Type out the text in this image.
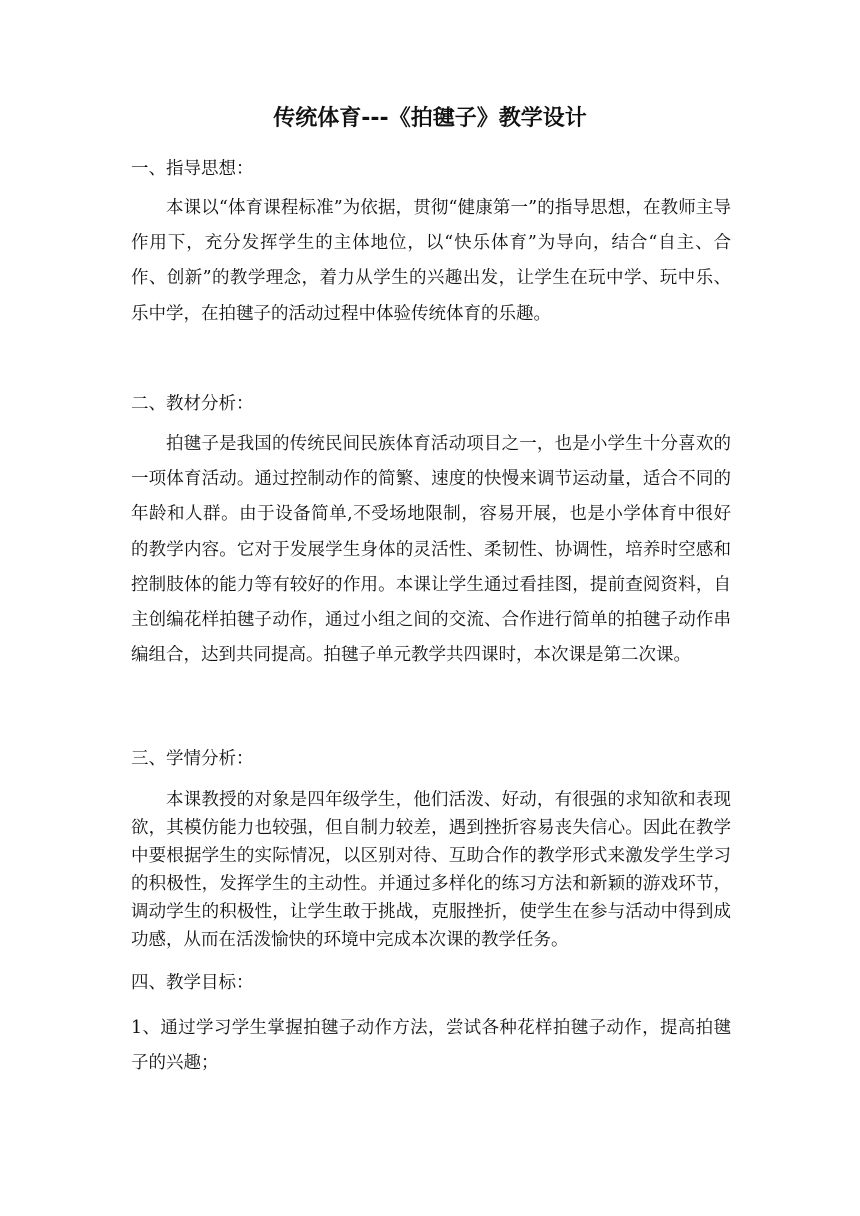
传统体育---《拍毽子》教学设计
一、指导思想：

本课以“体育课程标准”为依据，贯彻“健康第一”的指导思想，在教师主导作用下，充分发挥学生的主体地位，以“快乐体育”为导向，结合“自主、合作、创新”的教学理念，着力从学生的兴趣出发，让学生在玩中学、玩中乐、乐中学，在拍毽子的活动过程中体验传统体育的乐趣。

二、教材分析：

拍毽子是我国的传统民间民族体育活动项目之一，也是小学生十分喜欢的一项体育活动。通过控制动作的简繁、速度的快慢来调节运动量，适合不同的年龄和人群。由于设备简单,不受场地限制，容易开展，也是小学体育中很好的教学内容。它对于发展学生身体的灵活性、柔韧性、协调性，培养时空感和控制肢体的能力等有较好的作用。本课让学生通过看挂图，提前查阅资料，自主创编花样拍毽子动作，通过小组之间的交流、合作进行简单的拍毽子动作串编组合，达到共同提高。拍毽子单元教学共四课时，本次课是第二次课。

三、学情分析：

本课教授的对象是四年级学生，他们活泼、好动，有很强的求知欲和表现欲，其模仿能力也较强，但自制力较差，遇到挫折容易丧失信心。因此在教学中要根据学生的实际情况，以区别对待、互助合作的教学形式来激发学生学习的积极性，发挥学生的主动性。并通过多样化的练习方法和新颖的游戏环节，调动学生的积极性，让学生敢于挑战，克服挫折，使学生在参与活动中得到成功感，从而在活泼愉快的环境中完成本次课的教学任务。

四、教学目标：

1、通过学习学生掌握拍毽子动作方法，尝试各种花样拍毽子动作，提高拍毽子的兴趣；
